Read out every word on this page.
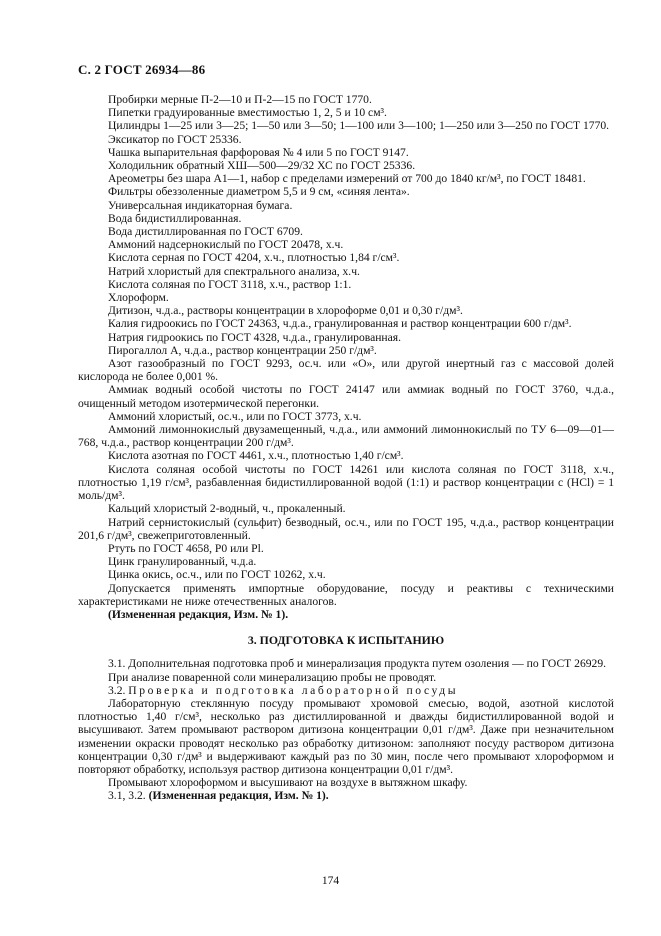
С. 2 ГОСТ 26934—86

Пробирки мерные П-2—10 и П-2—15 по ГОСТ 1770.

Пипетки градуированные вместимостью 1, 2, 5 и 10 см³.

Цилиндры 1—25 или 3—25; 1—50 или 3—50; 1—100 или 3—100; 1—250 или 3—250 по ГОСТ 1770.

Эксикатор по ГОСТ 25336.

Чашка выпарительная фарфоровая № 4 или 5 по ГОСТ 9147.

Холодильник обратный ХШ—500—29/32 ХС по ГОСТ 25336.

Ареометры без шара А1—1, набор с пределами измерений от 700 до 1840 кг/м³, по ГОСТ 18481.

Фильтры обеззоленные диаметром 5,5 и 9 см, «синяя лента».

Универсальная индикаторная бумага.

Вода бидистиллированная.

Вода дистиллированная по ГОСТ 6709.

Аммоний надсернокислый по ГОСТ 20478, х.ч.

Кислота серная по ГОСТ 4204, х.ч., плотностью 1,84 г/см³.

Натрий хлористый для спектрального анализа, х.ч.

Кислота соляная по ГОСТ 3118, х.ч., раствор 1:1.

Хлороформ.

Дитизон, ч.д.а., растворы концентрации в хлороформе 0,01 и 0,30 г/дм³.

Калия гидроокись по ГОСТ 24363, ч.д.а., гранулированная и раствор концентрации 600 г/дм³.

Натрия гидроокись по ГОСТ 4328, ч.д.а., гранулированная.

Пирогаллол А, ч.д.а., раствор концентрации 250 г/дм³.

Азот газообразный по ГОСТ 9293, ос.ч. или «О», или другой инертный газ с массовой долей кислорода не более 0,001 %.

Аммиак водный особой чистоты по ГОСТ 24147 или аммиак водный по ГОСТ 3760, ч.д.а., очищенный методом изотермической перегонки.

Аммоний хлористый, ос.ч., или по ГОСТ 3773, х.ч.

Аммоний лимоннокислый двузамещенный, ч.д.а., или аммоний лимоннокислый по ТУ 6—09—01—768, ч.д.а., раствор концентрации 200 г/дм³.

Кислота азотная по ГОСТ 4461, х.ч., плотностью 1,40 г/см³.

Кислота соляная особой чистоты по ГОСТ 14261 или кислота соляная по ГОСТ 3118, х.ч., плотностью 1,19 г/см³, разбавленная бидистиллированной водой (1:1) и раствор концентрации с (HCl) = 1 моль/дм³.

Кальций хлористый 2-водный, ч., прокаленный.

Натрий сернистокислый (сульфит) безводный, ос.ч., или по ГОСТ 195, ч.д.а., раствор концентрации 201,6 г/дм³, свежеприготовленный.

Ртуть по ГОСТ 4658, Р0 или Рl.

Цинк гранулированный, ч.д.а.

Цинка окись, ос.ч., или по ГОСТ 10262, х.ч.

Допускается применять импортные оборудование, посуду и реактивы с техническими характеристиками не ниже отечественных аналогов.

(Измененная редакция, Изм. № 1).

3. ПОДГОТОВКА К ИСПЫТАНИЮ

3.1. Дополнительная подготовка проб и минерализация продукта путем озоления — по ГОСТ 26929.

При анализе поваренной соли минерализацию пробы не проводят.

3.2. Проверка и подготовка лабораторной посуды

Лабораторную стеклянную посуду промывают хромовой смесью, водой, азотной кислотой плотностью 1,40 г/см³, несколько раз дистиллированной и дважды бидистиллированной водой и высушивают. Затем промывают раствором дитизона концентрации 0,01 г/дм³. Даже при незначительном изменении окраски проводят несколько раз обработку дитизоном: заполняют посуду раствором дитизона концентрации 0,30 г/дм³ и выдерживают каждый раз по 30 мин, после чего промывают хлороформом и повторяют обработку, используя раствор дитизона концентрации 0,01 г/дм³.

Промывают хлороформом и высушивают на воздухе в вытяжном шкафу.

3.1, 3.2. (Измененная редакция, Изм. № 1).

174
